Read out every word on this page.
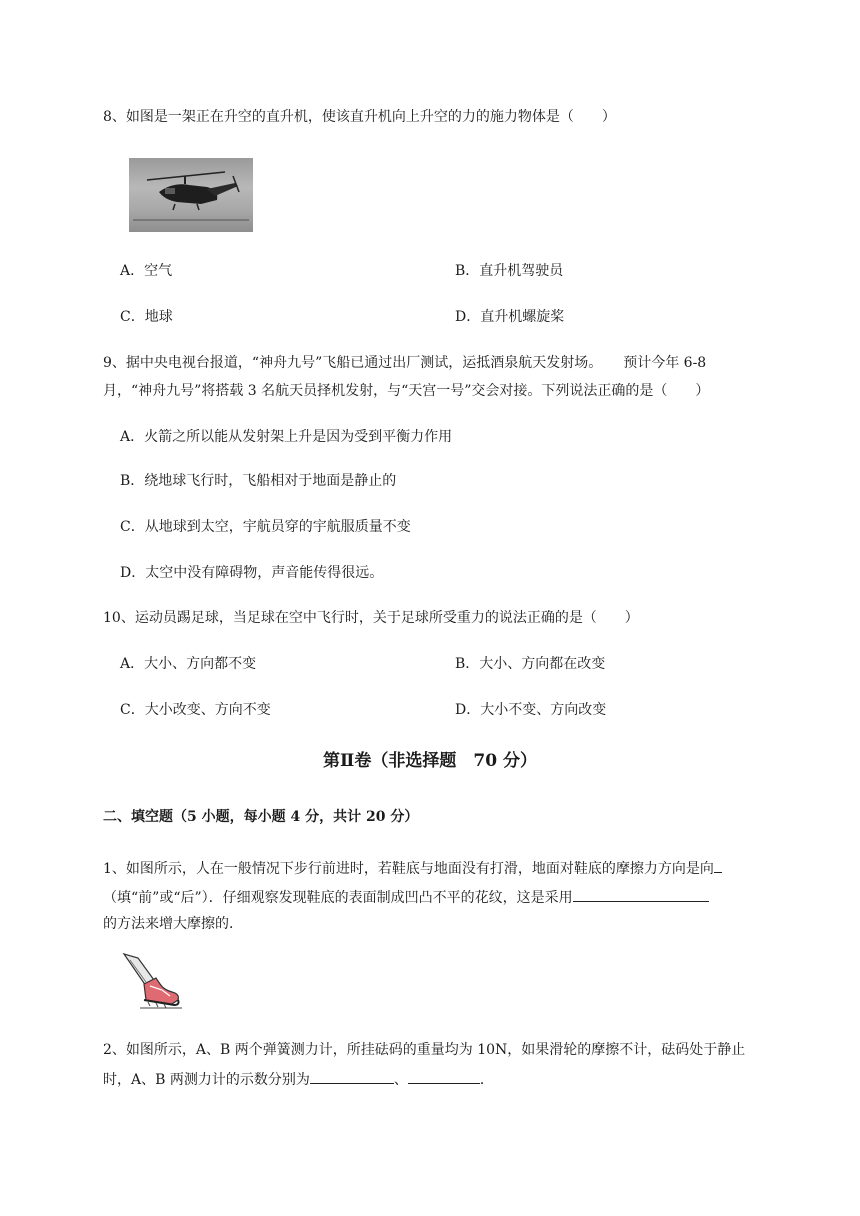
8、如图是一架正在升空的直升机，使该直升机向上升空的力的施力物体是（　　）
A．空气	B．直升机驾驶员
C．地球	D．直升机螺旋桨
9、据中央电视台报道，“神舟九号”飞船已通过出厂测试，运抵酒泉航天发射场。　　预计今年 6-8
月，“神舟九号”将搭载 3 名航天员择机发射，与“天宫一号”交会对接。下列说法正确的是（　　）
A．火箭之所以能从发射架上升是因为受到平衡力作用
B．绕地球飞行时，飞船相对于地面是静止的
C．从地球到太空，宇航员穿的宇航服质量不变
D．太空中没有障碍物，声音能传得很远。
10、运动员踢足球，当足球在空中飞行时，关于足球所受重力的说法正确的是（　　）
A．大小、方向都不变	B．大小、方向都在改变
C．大小改变、方向不变	D．大小不变、方向改变
第Ⅱ卷（非选择题　70 分）
二、填空题（5 小题，每小题 4 分，共计 20 分）
1、如图所示，人在一般情况下步行前进时，若鞋底与地面没有打滑，地面对鞋底的摩擦力方向是向
（填“前”或“后”）．仔细观察发现鞋底的表面制成凹凸不平的花纹，这是采用
的方法来增大摩擦的．
2、如图所示，A、B 两个弹簧测力计，所挂砝码的重量均为 10N，如果滑轮的摩擦不计，砝码处于静止
时，A、B 两测力计的示数分别为	、	．
